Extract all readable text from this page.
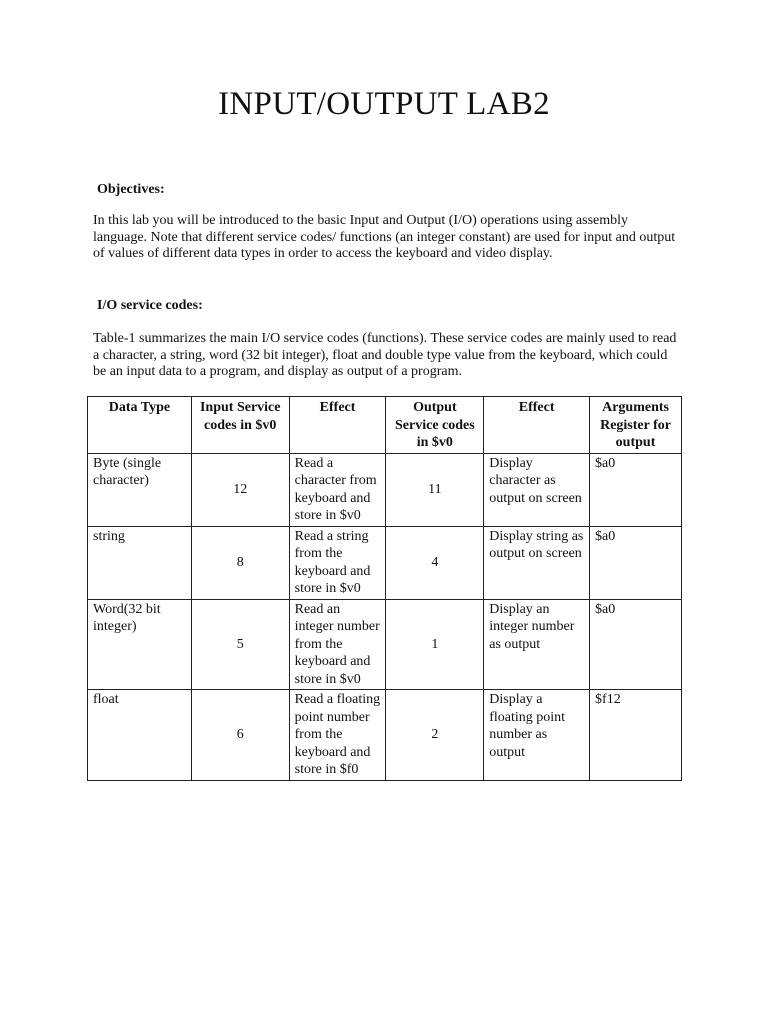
INPUT/OUTPUT LAB2

Objectives:

In this lab you will be introduced to the basic Input and Output (I/O) operations using assembly language. Note that different service codes/ functions (an integer constant) are used for input and output of values of different data types in order to access the keyboard and video display.

I/O service codes:

Table-1 summarizes the main I/O service codes (functions). These service codes are mainly used to read a character, a string, word (32 bit integer), float and double type value from the keyboard, which could be an input data to a program, and display as output of a program.

Data Type	Input Service codes in $v0	Effect	Output Service codes in $v0	Effect	Arguments Register for output
Byte (single character)	12	Read a character from keyboard and store in $v0	11	Display character as output on screen	$a0
string	8	Read a string from the keyboard and store in $v0	4	Display string as output on screen	$a0
Word(32 bit integer)	5	Read an integer number from the keyboard and store in $v0	1	Display an integer number as output	$a0
float	6	Read a floating point number from the keyboard and store in $f0	2	Display a floating point number as output	$f12
